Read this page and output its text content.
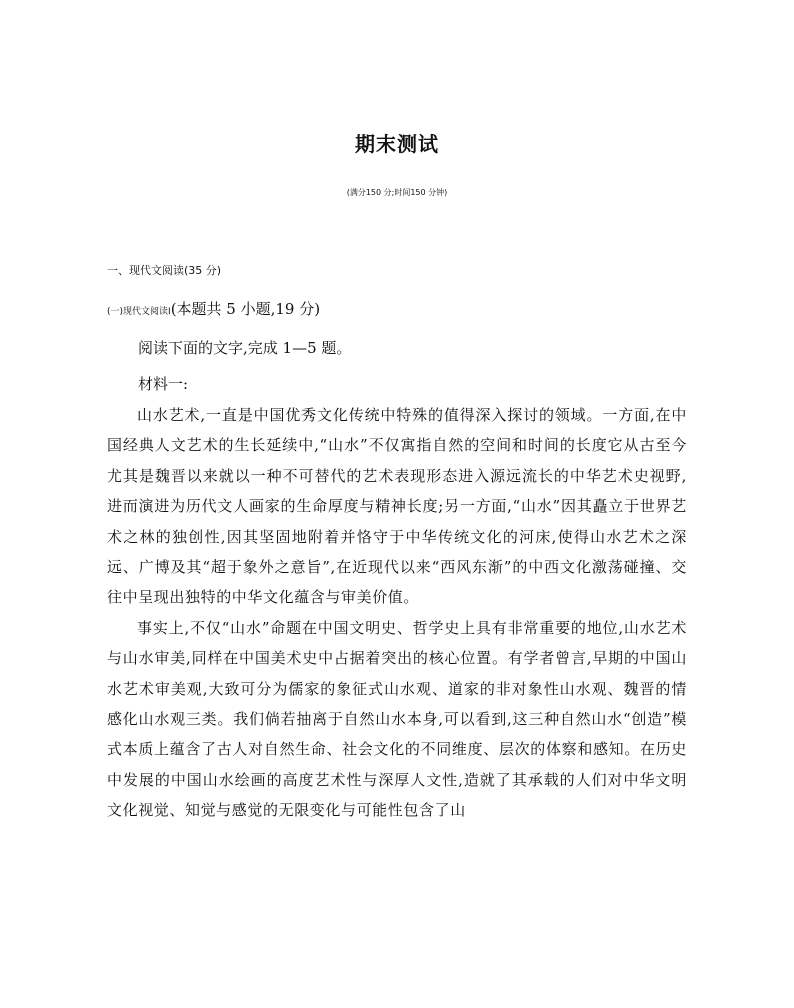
期末测试
(满分150 分;时间150 分钟)
一、现代文阅读(35 分)
(一)现代文阅读Ⅰ(本题共 5 小题,19 分)
阅读下面的文字,完成 1—5 题。
材料一:

山水艺术,一直是中国优秀文化传统中特殊的值得深入探讨的领域。一方面,在中国经典人文艺术的生长延续中,“山水”不仅寓指自然的空间和时间的长度它从古至今尤其是魏晋以来就以一种不可替代的艺术表现形态进入源远流长的中华艺术史视野,进而演进为历代文人画家的生命厚度与精神长度;另一方面,“山水”因其矗立于世界艺术之林的独创性,因其坚固地附着并恪守于中华传统文化的河床,使得山水艺术之深远、广博及其“超于象外之意旨”,在近现代以来“西风东渐”的中西文化激荡碰撞、交往中呈现出独特的中华文化蕴含与审美价值。

事实上,不仅“山水”命题在中国文明史、哲学史上具有非常重要的地位,山水艺术与山水审美,同样在中国美术史中占据着突出的核心位置。有学者曾言,早期的中国山水艺术审美观,大致可分为儒家的象征式山水观、道家的非对象性山水观、魏晋的情感化山水观三类。我们倘若抽离于自然山水本身,可以看到,这三种自然山水“创造”模式本质上蕴含了古人对自然生命、社会文化的不同维度、层次的体察和感知。在历史中发展的中国山水绘画的高度艺术性与深厚人文性,造就了其承载的人们对中华文明文化视觉、知觉与感觉的无限变化与可能性包含了山
